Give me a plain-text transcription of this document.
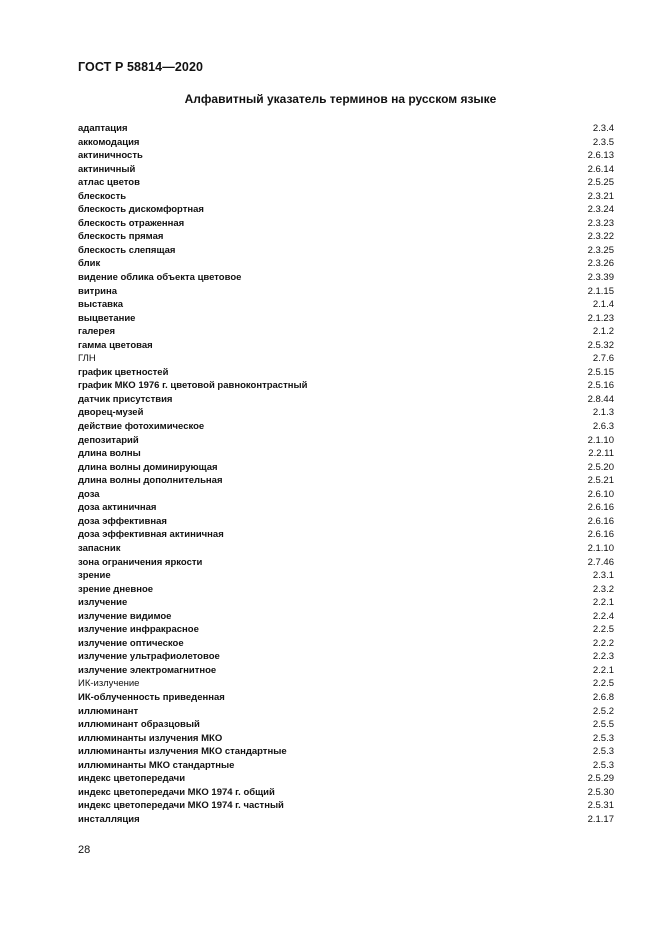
ГОСТ Р 58814—2020
Алфавитный указатель терминов на русском языке
адаптация	2.3.4
аккомодация	2.3.5
актиничность	2.6.13
актиничный	2.6.14
атлас цветов	2.5.25
блескость	2.3.21
блескость дискомфортная	2.3.24
блескость отраженная	2.3.23
блескость прямая	2.3.22
блескость слепящая	2.3.25
блик	2.3.26
видение облика объекта цветовое	2.3.39
витрина	2.1.15
выставка	2.1.4
выцветание	2.1.23
галерея	2.1.2
гамма цветовая	2.5.32
ГЛН	2.7.6
график цветностей	2.5.15
график МКО 1976 г. цветовой равноконтрастный	2.5.16
датчик присутствия	2.8.44
дворец-музей	2.1.3
действие фотохимическое	2.6.3
депозитарий	2.1.10
длина волны	2.2.11
длина волны доминирующая	2.5.20
длина волны дополнительная	2.5.21
доза	2.6.10
доза актиничная	2.6.16
доза эффективная	2.6.16
доза эффективная актиничная	2.6.16
запасник	2.1.10
зона ограничения яркости	2.7.46
зрение	2.3.1
зрение дневное	2.3.2
излучение	2.2.1
излучение видимое	2.2.4
излучение инфракрасное	2.2.5
излучение оптическое	2.2.2
излучение ультрафиолетовое	2.2.3
излучение электромагнитное	2.2.1
ИК-излучение	2.2.5
ИК-облученность приведенная	2.6.8
иллюминант	2.5.2
иллюминант образцовый	2.5.5
иллюминанты излучения МКО	2.5.3
иллюминанты излучения МКО стандартные	2.5.3
иллюминанты МКО стандартные	2.5.3
индекс цветопередачи	2.5.29
индекс цветопередачи МКО 1974 г. общий	2.5.30
индекс цветопередачи МКО 1974 г. частный	2.5.31
инсталляция	2.1.17
28
